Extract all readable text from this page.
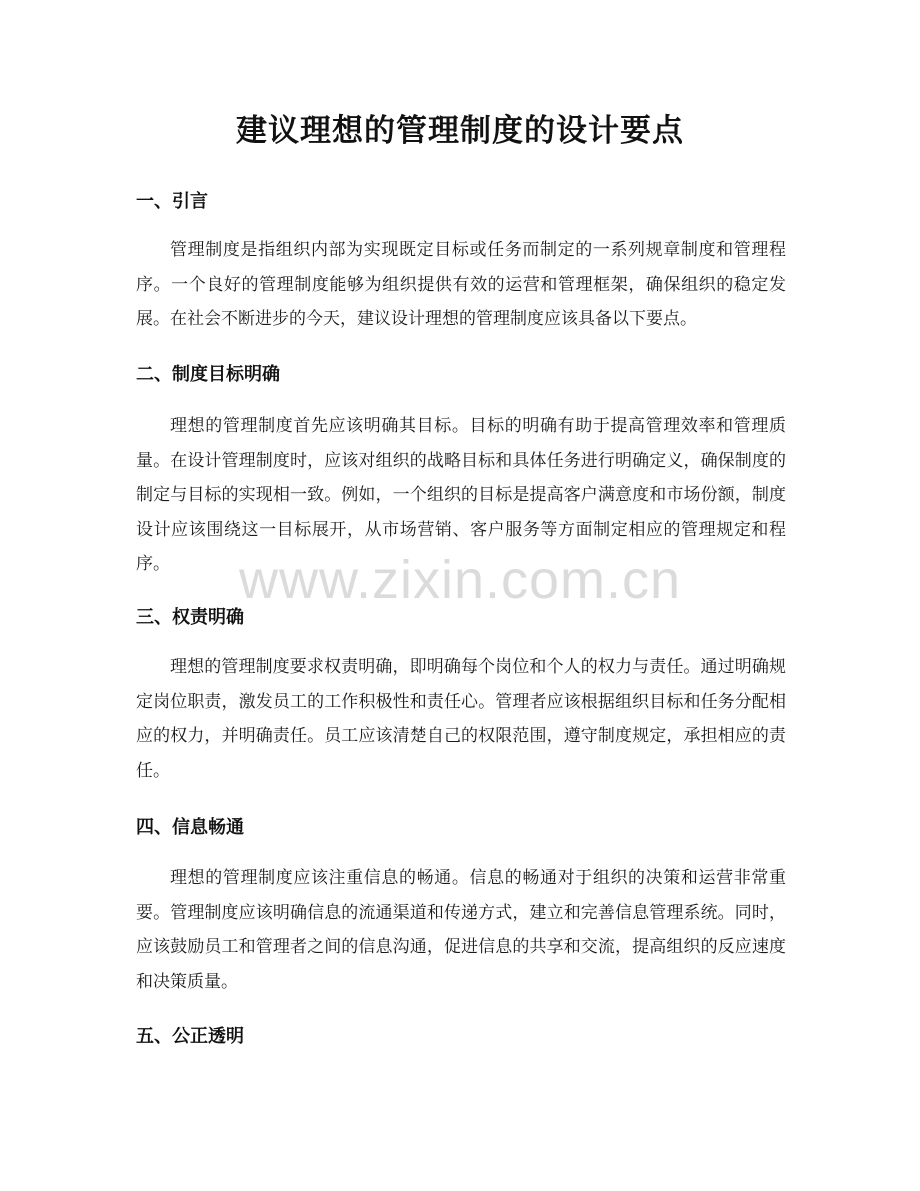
建议理想的管理制度的设计要点
一、引言

管理制度是指组织内部为实现既定目标或任务而制定的一系列规章制度和管理程序。一个良好的管理制度能够为组织提供有效的运营和管理框架，确保组织的稳定发展。在社会不断进步的今天，建议设计理想的管理制度应该具备以下要点。

二、制度目标明确

理想的管理制度首先应该明确其目标。目标的明确有助于提高管理效率和管理质量。在设计管理制度时，应该对组织的战略目标和具体任务进行明确定义，确保制度的制定与目标的实现相一致。例如，一个组织的目标是提高客户满意度和市场份额，制度设计应该围绕这一目标展开，从市场营销、客户服务等方面制定相应的管理规定和程序。

三、权责明确

理想的管理制度要求权责明确，即明确每个岗位和个人的权力与责任。通过明确规定岗位职责，激发员工的工作积极性和责任心。管理者应该根据组织目标和任务分配相应的权力，并明确责任。员工应该清楚自己的权限范围，遵守制度规定，承担相应的责任。

四、信息畅通

理想的管理制度应该注重信息的畅通。信息的畅通对于组织的决策和运营非常重要。管理制度应该明确信息的流通渠道和传递方式，建立和完善信息管理系统。同时，应该鼓励员工和管理者之间的信息沟通，促进信息的共享和交流，提高组织的反应速度和决策质量。

五、公正透明
www.zixin.com.cn
